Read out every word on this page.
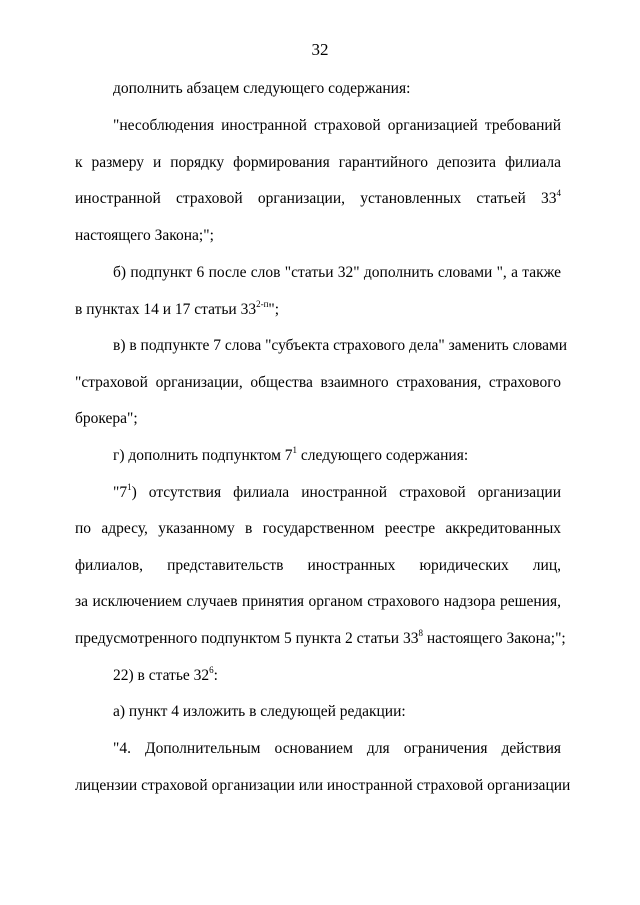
32
дополнить абзацем следующего содержания:
"несоблюдения иностранной страховой организацией требований
к размеру и порядку формирования гарантийного депозита филиала
иностранной страховой организации, установленных статьей $33^4$
настоящего Закона;";
б) подпункт 6 после слов "статьи 32" дополнить словами ", а также
в пунктах 14 и 17 статьи $33^{2-п}$";
в) в подпункте 7 слова "субъекта страхового дела" заменить словами
"страховой организации, общества взаимного страхования, страхового
брокера";
г) дополнить подпунктом $7^1$ следующего содержания:
"$7^1$) отсутствия филиала иностранной страховой организации
по адресу, указанному в государственном реестре аккредитованных
филиалов, представительств иностранных юридических лиц,
за исключением случаев принятия органом страхового надзора решения,
предусмотренного подпунктом 5 пункта 2 статьи $33^8$ настоящего Закона;";
22) в статье $32^6$:
а) пункт 4 изложить в следующей редакции:
"4. Дополнительным основанием для ограничения действия
лицензии страховой организации или иностранной страховой организации
